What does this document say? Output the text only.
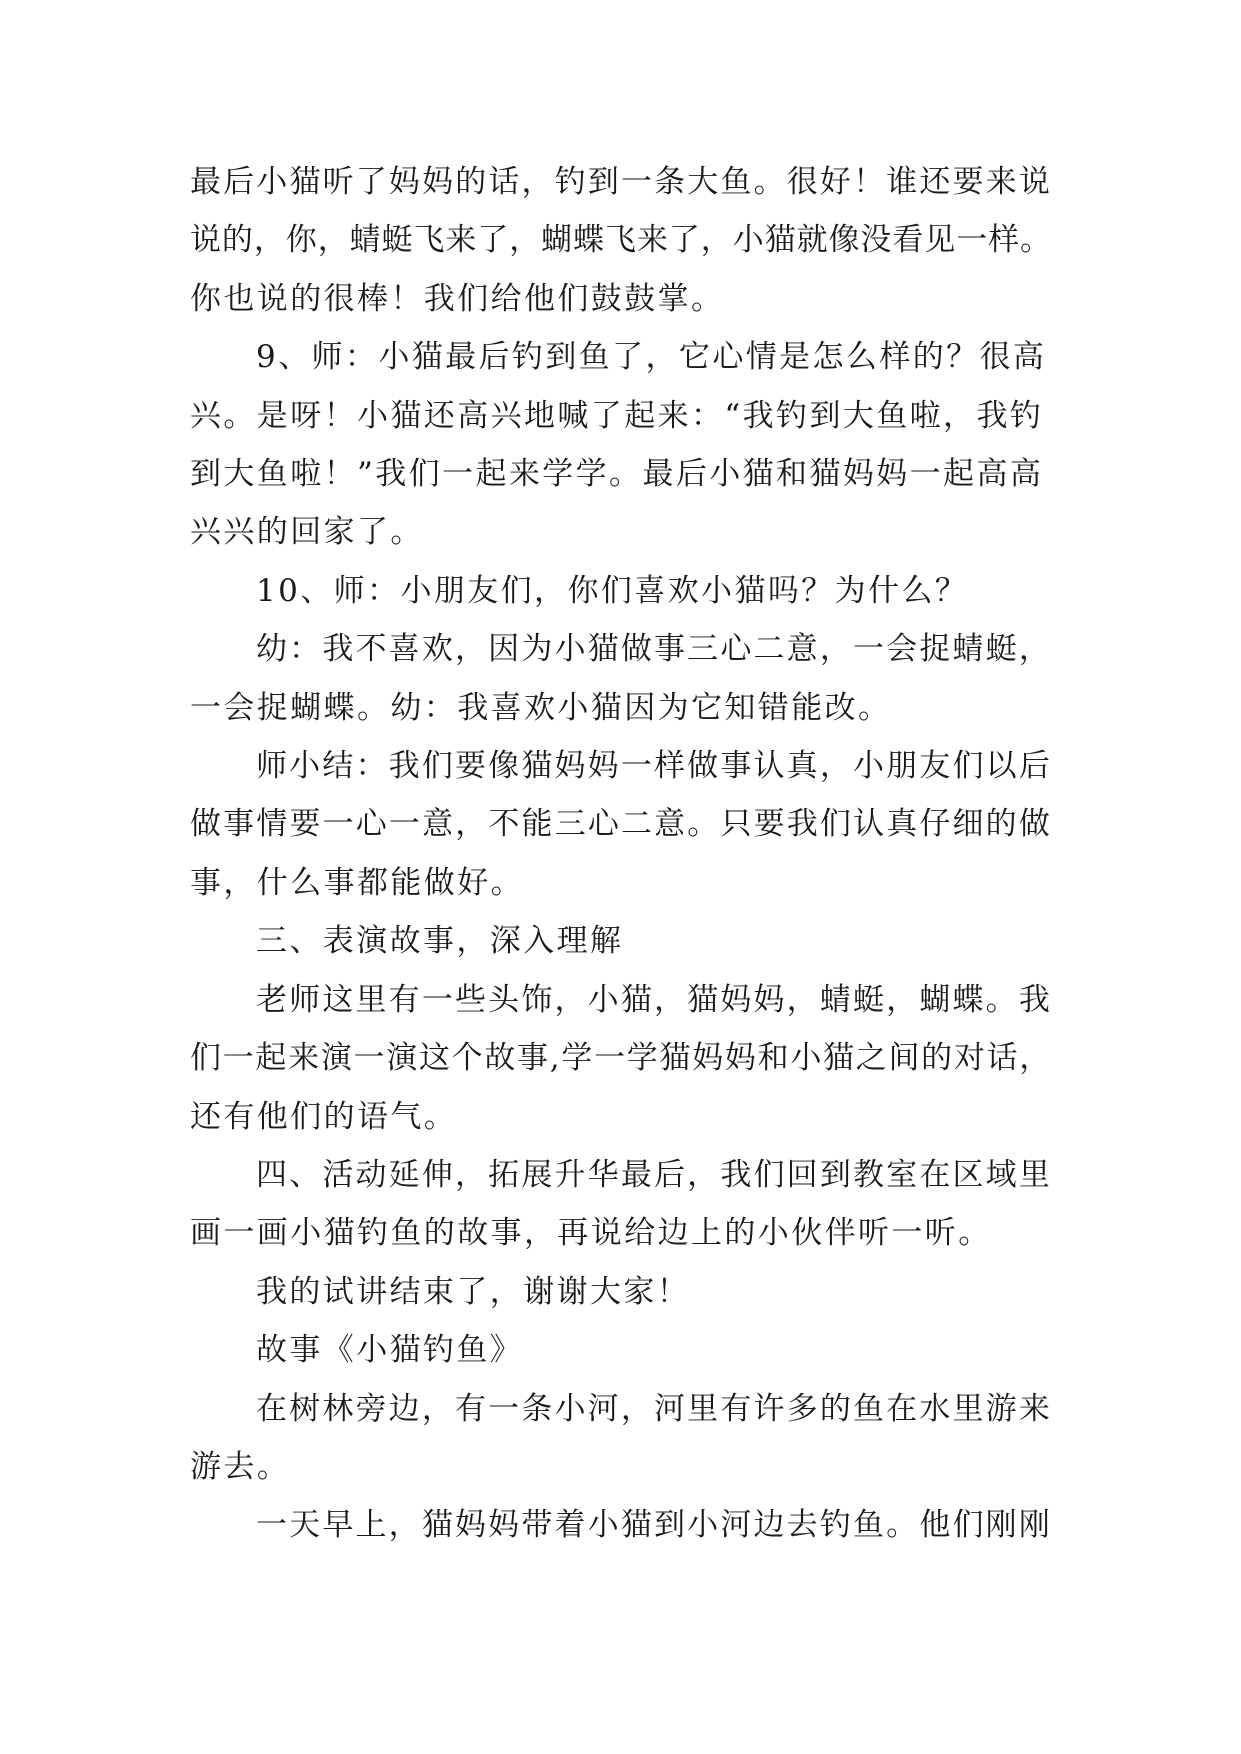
最后小猫听了妈妈的话，钓到一条大鱼。很好！谁还要来说
说的，你，蜻蜓飞来了，蝴蝶飞来了，小猫就像没看见一样。
你也说的很棒！我们给他们鼓鼓掌。

9、师：小猫最后钓到鱼了，它心情是怎么样的？很高
兴。是呀！小猫还高兴地喊了起来：“我钓到大鱼啦，我钓
到大鱼啦！”我们一起来学学。最后小猫和猫妈妈一起高高
兴兴的回家了。

10、师：小朋友们，你们喜欢小猫吗？为什么？

幼：我不喜欢，因为小猫做事三心二意，一会捉蜻蜓，
一会捉蝴蝶。幼：我喜欢小猫因为它知错能改。

师小结：我们要像猫妈妈一样做事认真，小朋友们以后
做事情要一心一意，不能三心二意。只要我们认真仔细的做
事，什么事都能做好。

三、表演故事，深入理解

老师这里有一些头饰，小猫，猫妈妈，蜻蜓，蝴蝶。我
们一起来演一演这个故事,学一学猫妈妈和小猫之间的对话，
还有他们的语气。

四、活动延伸，拓展升华最后，我们回到教室在区域里
画一画小猫钓鱼的故事，再说给边上的小伙伴听一听。

我的试讲结束了，谢谢大家！

故事《小猫钓鱼》

在树林旁边，有一条小河，河里有许多的鱼在水里游来
游去。

一天早上，猫妈妈带着小猫到小河边去钓鱼。他们刚刚
